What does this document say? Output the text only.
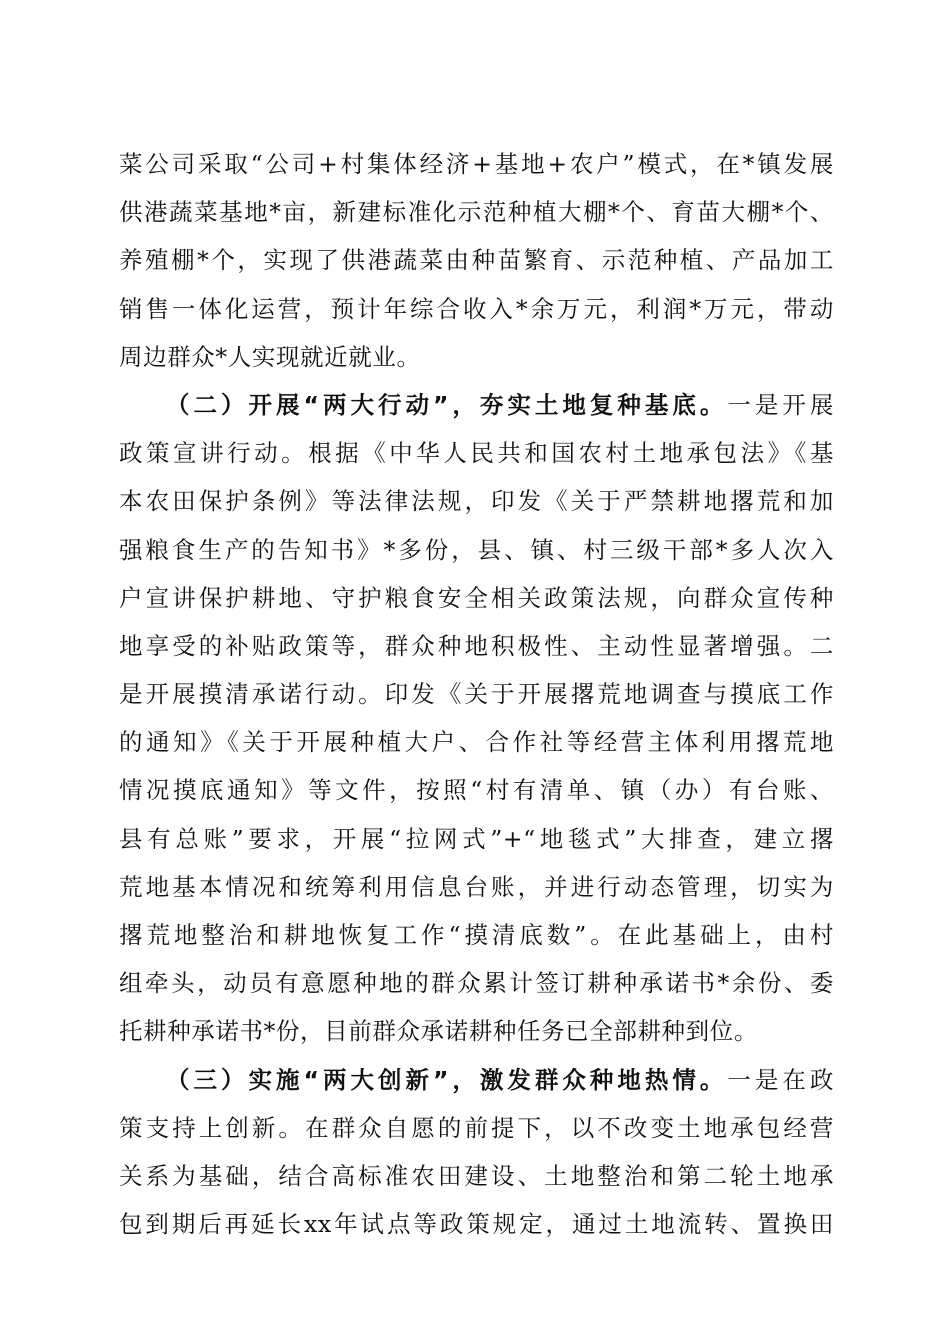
菜公司采取“公司+村集体经济+基地+农户”模式，在*镇发展
供港蔬菜基地*亩，新建标准化示范种植大棚*个、育苗大棚*个、
养殖棚*个，实现了供港蔬菜由种苗繁育、示范种植、产品加工
销售一体化运营，预计年综合收入*余万元，利润*万元，带动
周边群众*人实现就近就业。
（二）开展“两大行动”，夯实土地复种基底。一是开展
政策宣讲行动。根据《中华人民共和国农村土地承包法》《基
本农田保护条例》等法律法规，印发《关于严禁耕地撂荒和加
强粮食生产的告知书》*多份，县、镇、村三级干部*多人次入
户宣讲保护耕地、守护粮食安全相关政策法规，向群众宣传种
地享受的补贴政策等，群众种地积极性、主动性显著增强。二
是开展摸清承诺行动。印发《关于开展撂荒地调查与摸底工作
的通知》《关于开展种植大户、合作社等经营主体利用撂荒地
情况摸底通知》等文件，按照“村有清单、镇（办）有台账、
县有总账”要求，开展“拉网式”+“地毯式”大排查，建立撂
荒地基本情况和统筹利用信息台账，并进行动态管理，切实为
撂荒地整治和耕地恢复工作“摸清底数”。在此基础上，由村
组牵头，动员有意愿种地的群众累计签订耕种承诺书*余份、委
托耕种承诺书*份，目前群众承诺耕种任务已全部耕种到位。
（三）实施“两大创新”，激发群众种地热情。一是在政
策支持上创新。在群众自愿的前提下，以不改变土地承包经营
关系为基础，结合高标准农田建设、土地整治和第二轮土地承
包到期后再延长xx年试点等政策规定，通过土地流转、置换田
